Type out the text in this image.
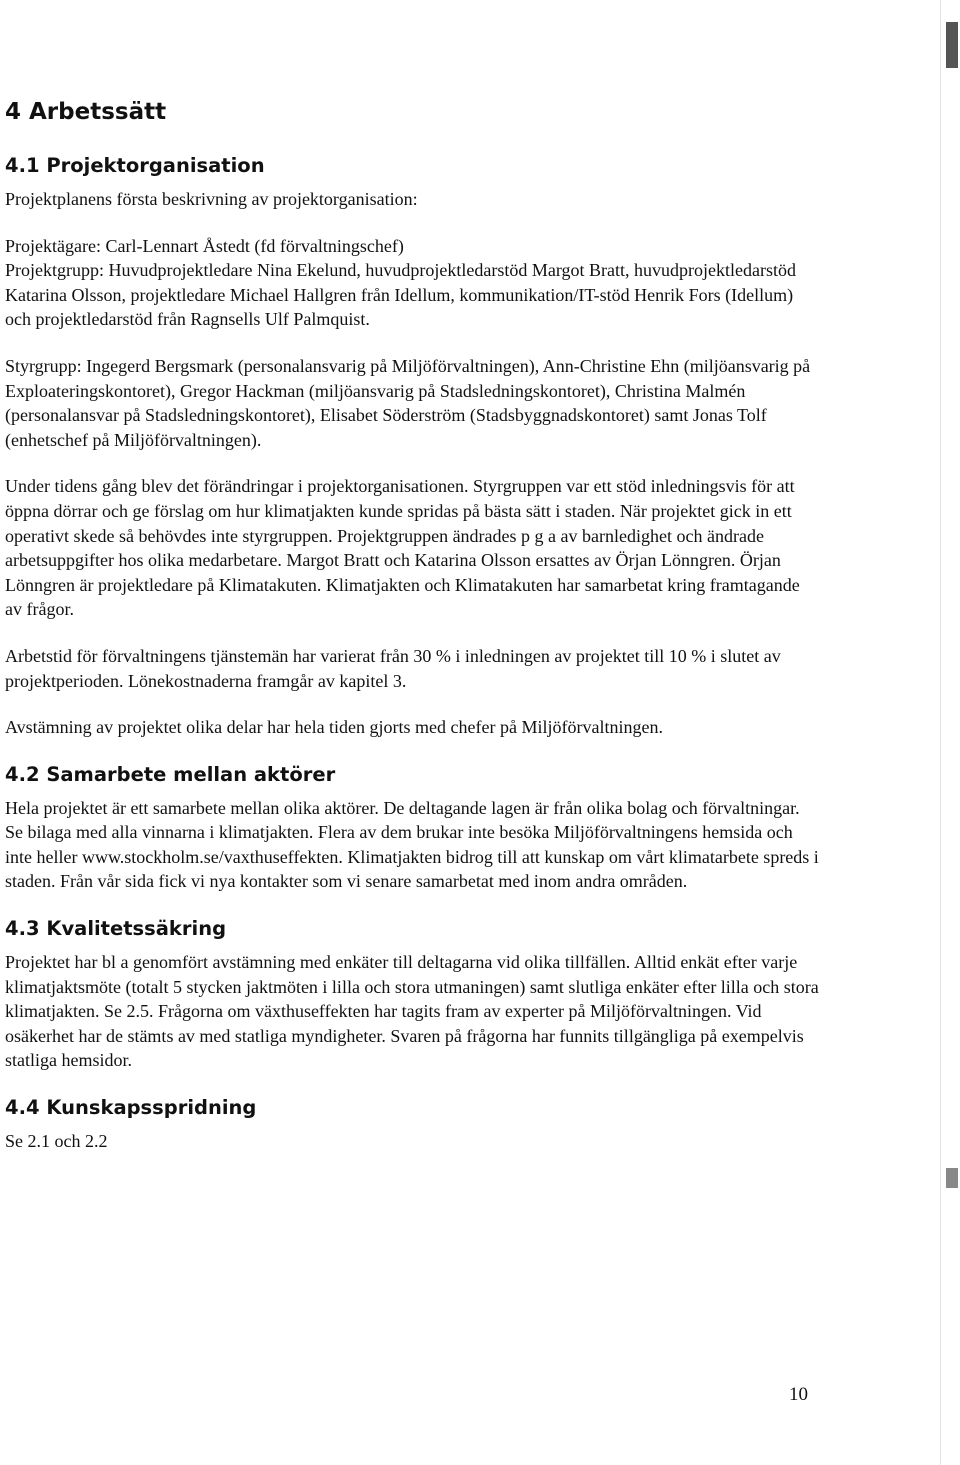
4 Arbetssätt
4.1 Projektorganisation

Projektplanens första beskrivning av projektorganisation:

Projektägare: Carl-Lennart Åstedt (fd förvaltningschef)

Projektgrupp: Huvudprojektledare Nina Ekelund, huvudprojektledarstöd Margot Bratt, huvudprojektledarstöd Katarina Olsson, projektledare Michael Hallgren från Idellum, kommunikation/IT-stöd Henrik Fors (Idellum) och projektledarstöd från Ragnsells Ulf Palmquist.

Styrgrupp: Ingegerd Bergsmark (personalansvarig på Miljöförvaltningen), Ann-Christine Ehn (miljöansvarig på Exploateringskontoret), Gregor Hackman (miljöansvarig på Stadsledningskontoret), Christina Malmén (personalansvar på Stadsledningskontoret), Elisabet Söderström (Stadsbyggnadskontoret) samt Jonas Tolf (enhetschef på Miljöförvaltningen).

Under tidens gång blev det förändringar i projektorganisationen. Styrgruppen var ett stöd inledningsvis för att öppna dörrar och ge förslag om hur klimatjakten kunde spridas på bästa sätt i staden. När projektet gick in ett operativt skede så behövdes inte styrgruppen. Projektgruppen ändrades p g a av barnledighet och ändrade arbetsuppgifter hos olika medarbetare. Margot Bratt och Katarina Olsson ersattes av Örjan Lönngren. Örjan Lönngren är projektledare på Klimatakuten. Klimatjakten och Klimatakuten har samarbetat kring framtagande av frågor.

Arbetstid för förvaltningens tjänstemän har varierat från 30 % i inledningen av projektet till 10 % i slutet av projektperioden. Lönekostnaderna framgår av kapitel 3.

Avstämning av projektet olika delar har hela tiden gjorts med chefer på Miljöförvaltningen.

4.2 Samarbete mellan aktörer

Hela projektet är ett samarbete mellan olika aktörer. De deltagande lagen är från olika bolag och förvaltningar. Se bilaga med alla vinnarna i klimatjakten. Flera av dem brukar inte besöka Miljöförvaltningens hemsida och inte heller www.stockholm.se/vaxthuseffekten. Klimatjakten bidrog till att kunskap om vårt klimatarbete spreds i staden. Från vår sida fick vi nya kontakter som vi senare samarbetat med inom andra områden.

4.3 Kvalitetssäkring

Projektet har bl a genomfört avstämning med enkäter till deltagarna vid olika tillfällen. Alltid enkät efter varje klimatjaktsmöte (totalt 5 stycken jaktmöten i lilla och stora utmaningen) samt slutliga enkäter efter lilla och stora klimatjakten. Se 2.5. Frågorna om växthuseffekten har tagits fram av experter på Miljöförvaltningen. Vid osäkerhet har de stämts av med statliga myndigheter. Svaren på frågorna har funnits tillgängliga på exempelvis statliga hemsidor.

4.4 Kunskapsspridning

Se 2.1 och 2.2

10
